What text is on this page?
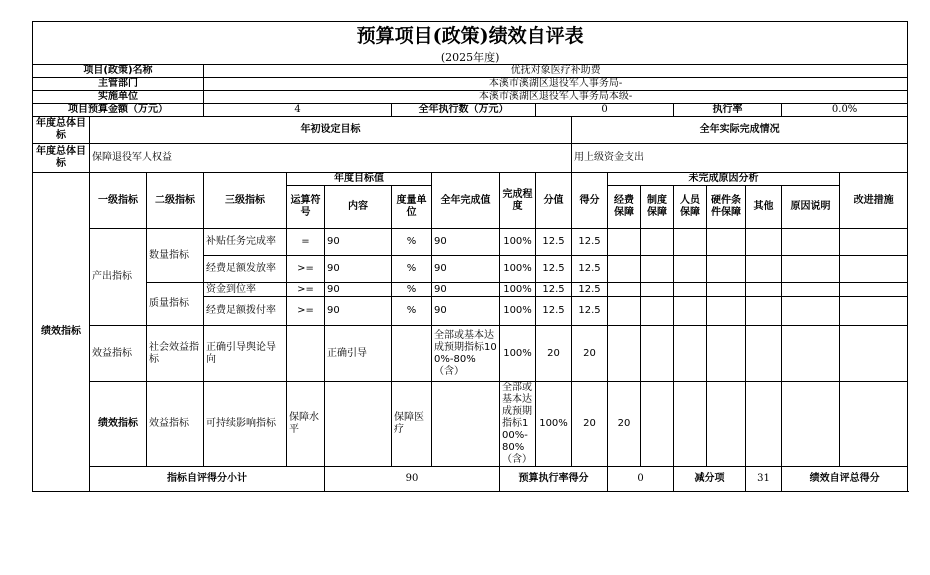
预算项目(政策)绩效自评表																		
(2025年度)																		
项目(政策)名称			优抚对象医疗补助费															
主管部门			本溪市溪湖区退役军人事务局-															
实施单位			本溪市溪湖区退役军人事务局本级-															
项目预算金额（万元）			4			全年执行数（万元）			0				执行率			0.0%		
年度总体目标	年初设定目标									全年实际完成情况								
年度总体目标	保障退役军人权益									用上级资金支出								
绩效指标	一级指标	二级指标	三级指标	年度目标值			全年完成值	完成程度	分值	得分	未完成原因分析						改进措施	
				运算符号	内容	度量单位					经费保障	制度保障	人员保障	硬件条件保障	其他	原因说明		
	产出指标	数量指标	补贴任务完成率	=	90	%	90	100%	12.5	12.5								
			经费足额发放率	>=	90	%	90	100%	12.5	12.5								
		质量指标	资金到位率	>=	90	%	90	100%	12.5	12.5								
			经费足额拨付率	>=	90	%	90	100%	12.5	12.5								
	效益指标	社会效益指标	正确引导舆论导向		正确引导		全部或基本达成预期指标100%-80%（含）	100%	20	20								
	绩效指标	效益指标	可持续影响指标	保障水平		保障医疗		全部或基本达成预期指标100%-80%（含）	100%	20	20							
	指标自评得分小计				90			预算执行率得分			0		减分项		31	绩效自评总得分	
